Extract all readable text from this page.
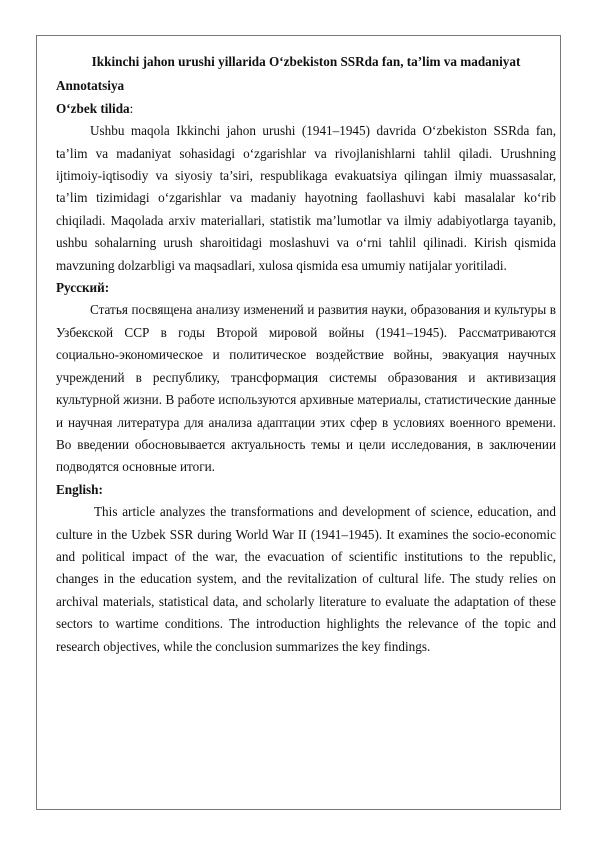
Ikkinchi jahon urushi yillarida O‘zbekiston SSRda fan, ta’lim va madaniyat

Annotatsiya

O‘zbek tilida:

Ushbu maqola Ikkinchi jahon urushi (1941–1945) davrida O‘zbekiston SSRda fan, ta’lim va madaniyat sohasidagi o‘zgarishlar va rivojlanishlarni tahlil qiladi. Urushning ijtimoiy-iqtisodiy va siyosiy ta’siri, respublikaga evakuatsiya qilingan ilmiy muassasalar, ta’lim tizimidagi o‘zgarishlar va madaniy hayotning faollashuvi kabi masalalar ko‘rib chiqiladi. Maqolada arxiv materiallari, statistik ma’lumotlar va ilmiy adabiyotlarga tayanib, ushbu sohalarning urush sharoitidagi moslashuvi va o‘rni tahlil qilinadi. Kirish qismida mavzuning dolzarbligi va maqsadlari, xulosa qismida esa umumiy natijalar yoritiladi.

Русский:

Статья посвящена анализу изменений и развития науки, образования и культуры в Узбекской ССР в годы Второй мировой войны (1941–1945). Рассматриваются социально-экономическое и политическое воздействие войны, эвакуация научных учреждений в республику, трансформация системы образования и активизация культурной жизни. В работе используются архивные материалы, статистические данные и научная литература для анализа адаптации этих сфер в условиях военного времени. Во введении обосновывается актуальность темы и цели исследования, в заключении подводятся основные итоги.

English:

This article analyzes the transformations and development of science, education, and culture in the Uzbek SSR during World War II (1941–1945). It examines the socio-economic and political impact of the war, the evacuation of scientific institutions to the republic, changes in the education system, and the revitalization of cultural life. The study relies on archival materials, statistical data, and scholarly literature to evaluate the adaptation of these sectors to wartime conditions. The introduction highlights the relevance of the topic and research objectives, while the conclusion summarizes the key findings.
